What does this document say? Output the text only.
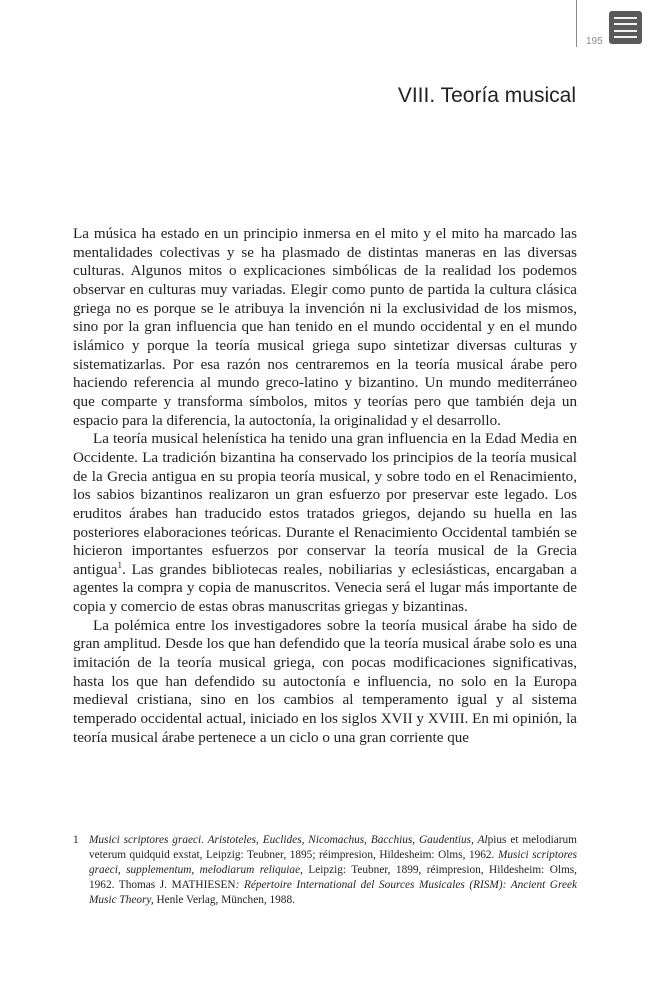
195
VIII. Teoría musical

La música ha estado en un principio inmersa en el mito y el mito ha marcado las mentalidades colectivas y se ha plasmado de distintas maneras en las diversas culturas. Algunos mitos o explicaciones simbólicas de la realidad los podemos observar en culturas muy variadas. Elegir como punto de partida la cultura clásica griega no es porque se le atribuya la invención ni la exclusividad de los mismos, sino por la gran influencia que han tenido en el mundo occidental y en el mundo islámico y porque la teoría musical griega supo sintetizar diversas culturas y sistematizarlas. Por esa razón nos centraremos en la teoría musical árabe pero haciendo referencia al mundo greco-latino y bizantino. Un mundo mediterráneo que comparte y transforma símbolos, mitos y teorías pero que también deja un espacio para la diferencia, la autoctonía, la originalidad y el desarrollo.

La teoría musical helenística ha tenido una gran influencia en la Edad Media en Occidente. La tradición bizantina ha conservado los principios de la teoría musical de la Grecia antigua en su propia teoría musical, y sobre todo en el Renacimiento, los sabios bizantinos realizaron un gran esfuerzo por preservar este legado. Los eruditos árabes han traducido estos tratados griegos, dejando su huella en las posteriores elaboraciones teóricas. Durante el Renacimiento Occidental también se hicieron importantes esfuerzos por conservar la teoría musical de la Grecia antigua$^1$. Las grandes bibliotecas reales, nobiliarias y eclesiásticas, encargaban a agentes la compra y copia de manuscritos. Venecia será el lugar más importante de copia y comercio de estas obras manuscritas griegas y bizantinas.

La polémica entre los investigadores sobre la teoría musical árabe ha sido de gran amplitud. Desde los que han defendido que la teoría musical árabe solo es una imitación de la teoría musical griega, con pocas modificaciones significativas, hasta los que han defendido su autoctonía e influencia, no solo en la Europa medieval cristiana, sino en los cambios al temperamento igual y al sistema temperado occidental actual, iniciado en los siglos XVII y XVIII. En mi opinión, la teoría musical árabe pertenece a un ciclo o una gran corriente que

1 Musici scriptores graeci. Aristoteles, Euclides, Nicomachus, Bacchius, Gaudentius, Alpius et melodiarum veterum quidquid exstat, Leipzig: Teubner, 1895; réimpresion, Hildesheim: Olms, 1962. Musici scriptores graeci, supplementum, melodiarum reliquiae, Leipzig: Teubner, 1899, réimpresion, Hildesheim: Olms, 1962. Thomas J. MATHIESEN: Répertoire International del Sources Musicales (RISM): Ancient Greek Music Theory, Henle Verlag, München, 1988.
